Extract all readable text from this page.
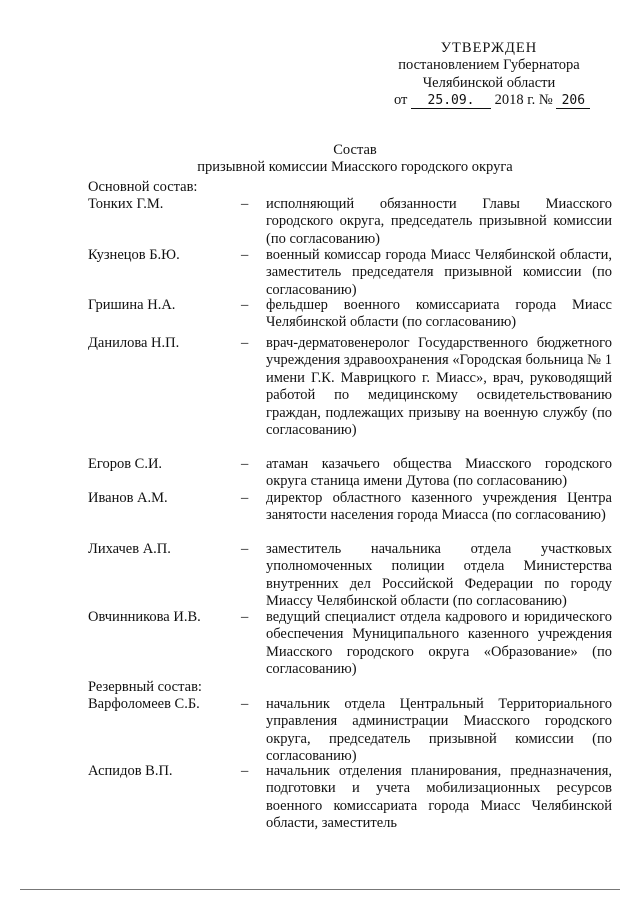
УТВЕРЖДЕН
постановлением Губернатора
Челябинской области
от 25.09. 2018 г. № 206
Состав
призывной комиссии Миасского городского округа
Основной состав:
Тонких Г.М.	– исполняющий обязанности Главы Миасского городского округа, председатель призывной комиссии (по согласованию)
Кузнецов Б.Ю.	– военный комиссар города Миасс Челябинской области, заместитель председателя призывной комиссии (по согласованию)
Гришина Н.А.	– фельдшер военного комиссариата города Миасс Челябинской области (по согласованию)
Данилова Н.П.	– врач-дерматовенеролог Государственного бюджетного учреждения здравоохранения «Городская больница № 1 имени Г.К. Маврицкого г. Миасс», врач, руководящий работой по медицинскому освидетельствованию граждан, подлежащих призыву на военную службу (по согласованию)
Егоров С.И.	– атаман казачьего общества Миасского городского округа станица имени Дутова (по согласованию)
Иванов А.М.	– директор областного казенного учреждения Центра занятости населения города Миасса (по согласованию)
Лихачев А.П.	– заместитель начальника отдела участковых уполномоченных полиции отдела Министерства внутренних дел Российской Федерации по городу Миассу Челябинской области (по согласованию)
Овчинникова И.В.	– ведущий специалист отдела кадрового и юридического обеспечения Муниципального казенного учреждения Миасского городского округа «Образование» (по согласованию)
Резервный состав:
Варфоломеев С.Б.	– начальник отдела Центральный Территориального управления администрации Миасского городского округа, председатель призывной комиссии (по согласованию)
Аспидов В.П.	– начальник отделения планирования, предназначения, подготовки и учета мобилизационных ресурсов военного комиссариата города Миасс Челябинской области, заместитель
